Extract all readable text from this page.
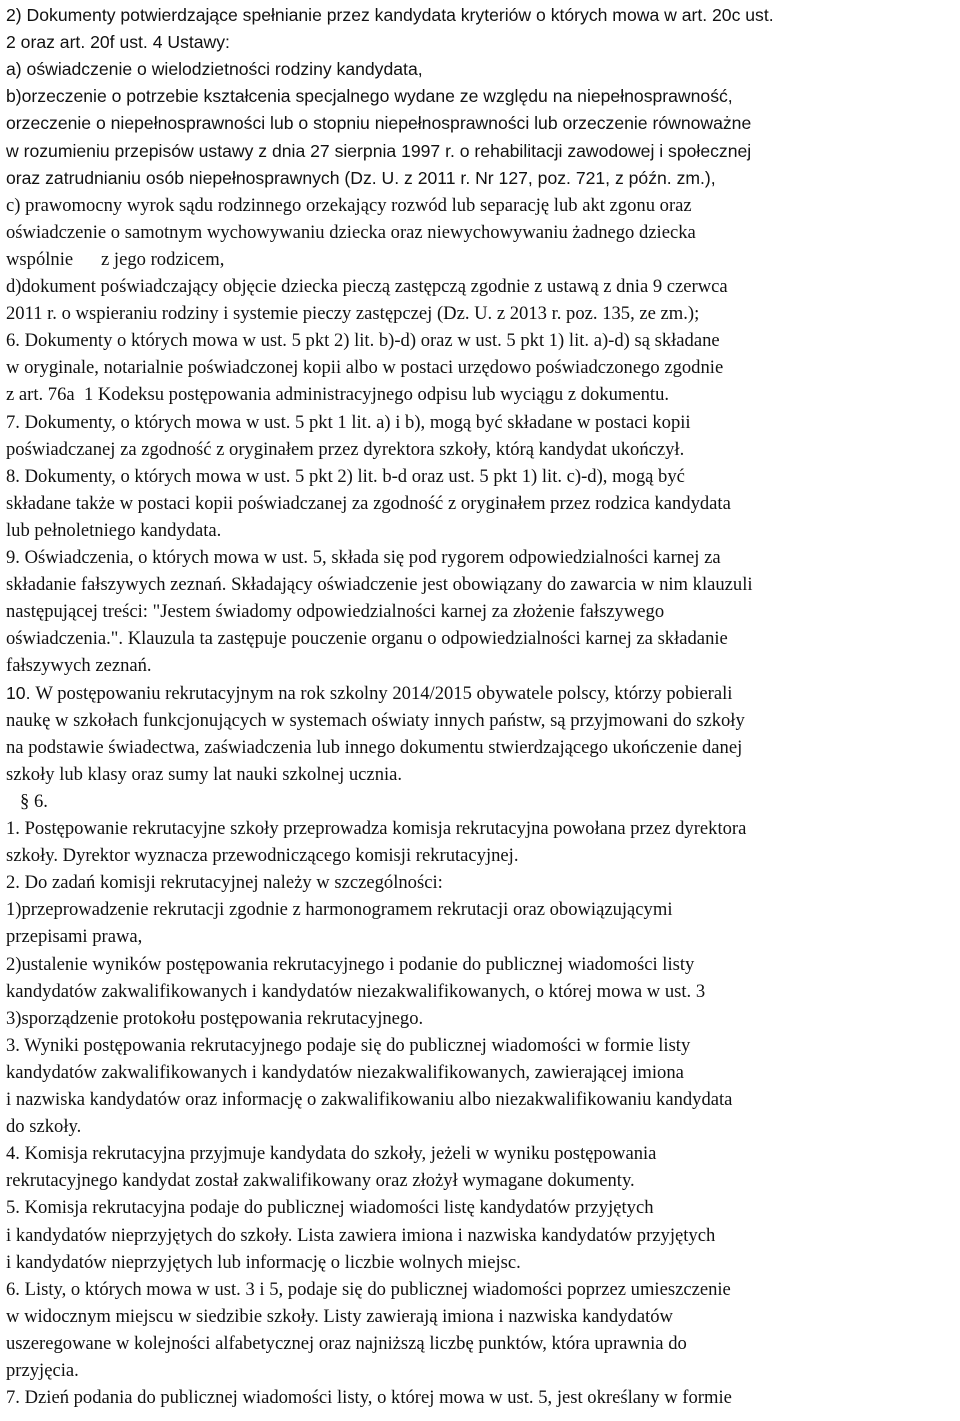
2) Dokumenty potwierdzające spełnianie przez kandydata kryteriów o których mowa w art. 20c ust.

2 oraz art. 20f ust. 4 Ustawy:

a) oświadczenie o wielodzietności rodziny kandydata,

b)orzeczenie o potrzebie kształcenia specjalnego wydane ze względu na niepełnosprawność,

orzeczenie o niepełnosprawności lub o stopniu niepełnosprawności lub orzeczenie równoważne

w rozumieniu przepisów ustawy z dnia 27 sierpnia 1997 r. o rehabilitacji zawodowej i społecznej

oraz zatrudnianiu osób niepełnosprawnych (Dz. U. z 2011 r. Nr 127, poz. 721, z późn. zm.),

c) prawomocny wyrok sądu rodzinnego orzekający rozwód lub separację lub akt zgonu oraz

oświadczenie o samotnym wychowywaniu dziecka oraz niewychowywaniu żadnego dziecka

wspólnie      z jego rodzicem,

d)dokument poświadczający objęcie dziecka pieczą zastępczą zgodnie z ustawą z dnia 9 czerwca

2011 r. o wspieraniu rodziny i systemie pieczy zastępczej (Dz. U. z 2013 r. poz. 135, ze zm.);

6. Dokumenty o których mowa w ust. 5 pkt 2) lit. b)-d) oraz w ust. 5 pkt 1) lit. a)-d) są składane

w oryginale, notarialnie poświadczonej kopii albo w postaci urzędowo poświadczonego zgodnie

z art. 76a  1 Kodeksu postępowania administracyjnego odpisu lub wyciągu z dokumentu.

7. Dokumenty, o których mowa w ust. 5 pkt 1 lit. a) i b), mogą być składane w postaci kopii

poświadczanej za zgodność z oryginałem przez dyrektora szkoły, którą kandydat ukończył.

8. Dokumenty, o których mowa w ust. 5 pkt 2) lit. b-d oraz ust. 5 pkt 1) lit. c)-d), mogą być

składane także w postaci kopii poświadczanej za zgodność z oryginałem przez rodzica kandydata

lub pełnoletniego kandydata.

9. Oświadczenia, o których mowa w ust. 5, składa się pod rygorem odpowiedzialności karnej za

składanie fałszywych zeznań. Składający oświadczenie jest obowiązany do zawarcia w nim klauzuli

następującej treści: "Jestem świadomy odpowiedzialności karnej za złożenie fałszywego

oświadczenia.". Klauzula ta zastępuje pouczenie organu o odpowiedzialności karnej za składanie

fałszywych zeznań.

10. W postępowaniu rekrutacyjnym na rok szkolny 2014/2015 obywatele polscy, którzy pobierali

naukę w szkołach funkcjonujących w systemach oświaty innych państw, są przyjmowani do szkoły

na podstawie świadectwa, zaświadczenia lub innego dokumentu stwierdzającego ukończenie danej

szkoły lub klasy oraz sumy lat nauki szkolnej ucznia.

§ 6.

1. Postępowanie rekrutacyjne szkoły przeprowadza komisja rekrutacyjna powołana przez dyrektora

szkoły. Dyrektor wyznacza przewodniczącego komisji rekrutacyjnej.

2. Do zadań komisji rekrutacyjnej należy w szczególności:

1)przeprowadzenie rekrutacji zgodnie z harmonogramem rekrutacji oraz obowiązującymi

przepisami prawa,

2)ustalenie wyników postępowania rekrutacyjnego i podanie do publicznej wiadomości listy

kandydatów zakwalifikowanych i kandydatów niezakwalifikowanych, o której mowa w ust. 3

3)sporządzenie protokołu postępowania rekrutacyjnego.

3. Wyniki postępowania rekrutacyjnego podaje się do publicznej wiadomości w formie listy

kandydatów zakwalifikowanych i kandydatów niezakwalifikowanych, zawierającej imiona

i nazwiska kandydatów oraz informację o zakwalifikowaniu albo niezakwalifikowaniu kandydata

do szkoły.

4. Komisja rekrutacyjna przyjmuje kandydata do szkoły, jeżeli w wyniku postępowania

rekrutacyjnego kandydat został zakwalifikowany oraz złożył wymagane dokumenty.

5. Komisja rekrutacyjna podaje do publicznej wiadomości listę kandydatów przyjętych

i kandydatów nieprzyjętych do szkoły. Lista zawiera imiona i nazwiska kandydatów przyjętych

i kandydatów nieprzyjętych lub informację o liczbie wolnych miejsc.

6. Listy, o których mowa w ust. 3 i 5, podaje się do publicznej wiadomości poprzez umieszczenie

w widocznym miejscu w siedzibie szkoły. Listy zawierają imiona i nazwiska kandydatów

uszeregowane w kolejności alfabetycznej oraz najniższą liczbę punktów, która uprawnia do

przyjęcia.

7. Dzień podania do publicznej wiadomości listy, o której mowa w ust. 5, jest określany w formie
